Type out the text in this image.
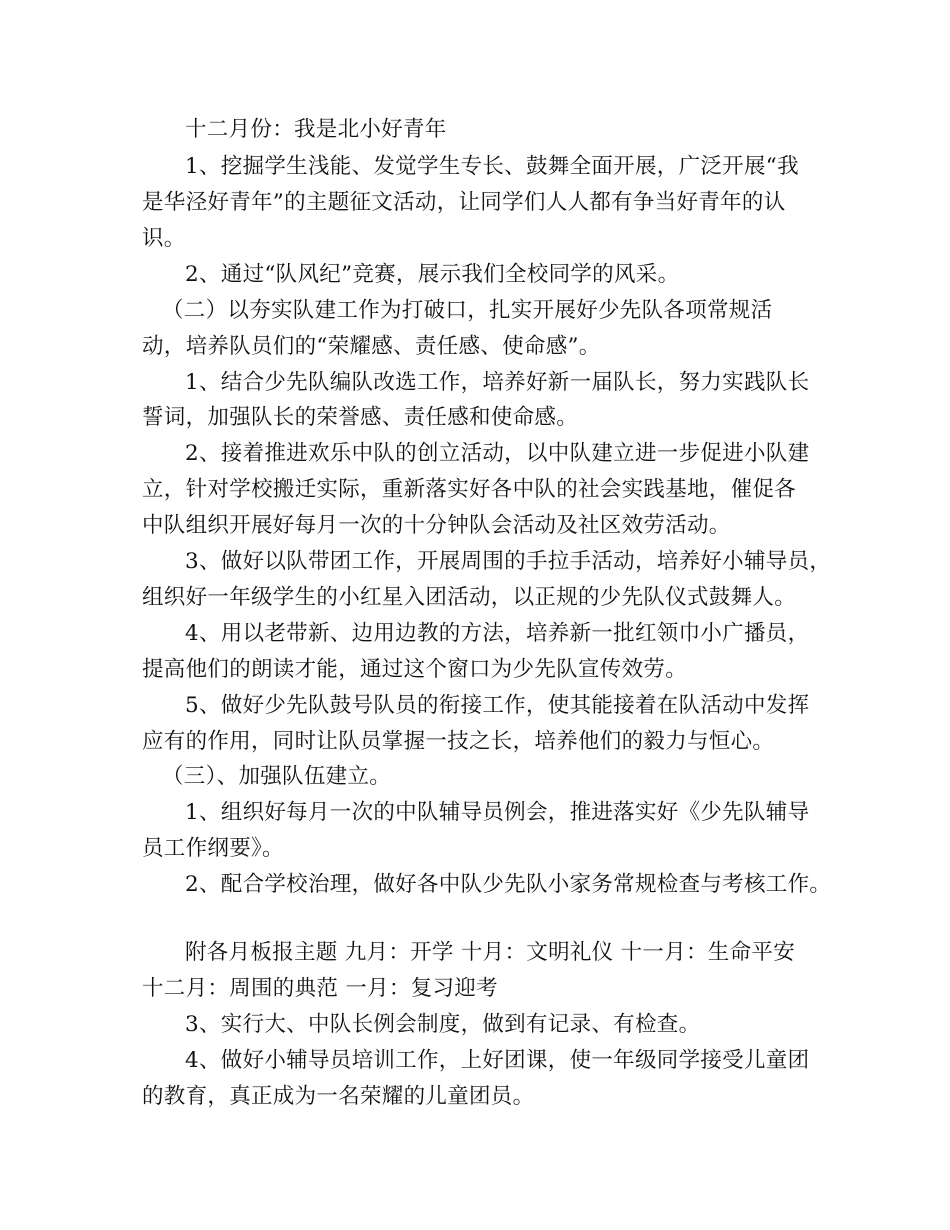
十二月份：我是北小好青年
1、挖掘学生浅能、发觉学生专长、鼓舞全面开展，广泛开展“我
是华泾好青年”的主题征文活动，让同学们人人都有争当好青年的认
识。
2、通过“队风纪”竞赛，展示我们全校同学的风采。
（二）以夯实队建工作为打破口，扎实开展好少先队各项常规活
动，培养队员们的“荣耀感、责任感、使命感”。
1、结合少先队编队改选工作，培养好新一届队长，努力实践队长
誓词，加强队长的荣誉感、责任感和使命感。
2、接着推进欢乐中队的创立活动，以中队建立进一步促进小队建
立，针对学校搬迁实际，重新落实好各中队的社会实践基地，催促各
中队组织开展好每月一次的十分钟队会活动及社区效劳活动。
3、做好以队带团工作，开展周围的手拉手活动，培养好小辅导员，
组织好一年级学生的小红星入团活动，以正规的少先队仪式鼓舞人。
4、用以老带新、边用边教的方法，培养新一批红领巾小广播员，
提高他们的朗读才能，通过这个窗口为少先队宣传效劳。
5、做好少先队鼓号队员的衔接工作，使其能接着在队活动中发挥
应有的作用，同时让队员掌握一技之长，培养他们的毅力与恒心。
（三）、加强队伍建立。
1、组织好每月一次的中队辅导员例会，推进落实好《少先队辅导
员工作纲要》。
2、配合学校治理，做好各中队少先队小家务常规检查与考核工作。
附各月板报主题 九月：开学 十月：文明礼仪 十一月：生命平安
十二月：周围的典范 一月：复习迎考
3、实行大、中队长例会制度，做到有记录、有检查。
4、做好小辅导员培训工作，上好团课，使一年级同学接受儿童团
的教育，真正成为一名荣耀的儿童团员。
